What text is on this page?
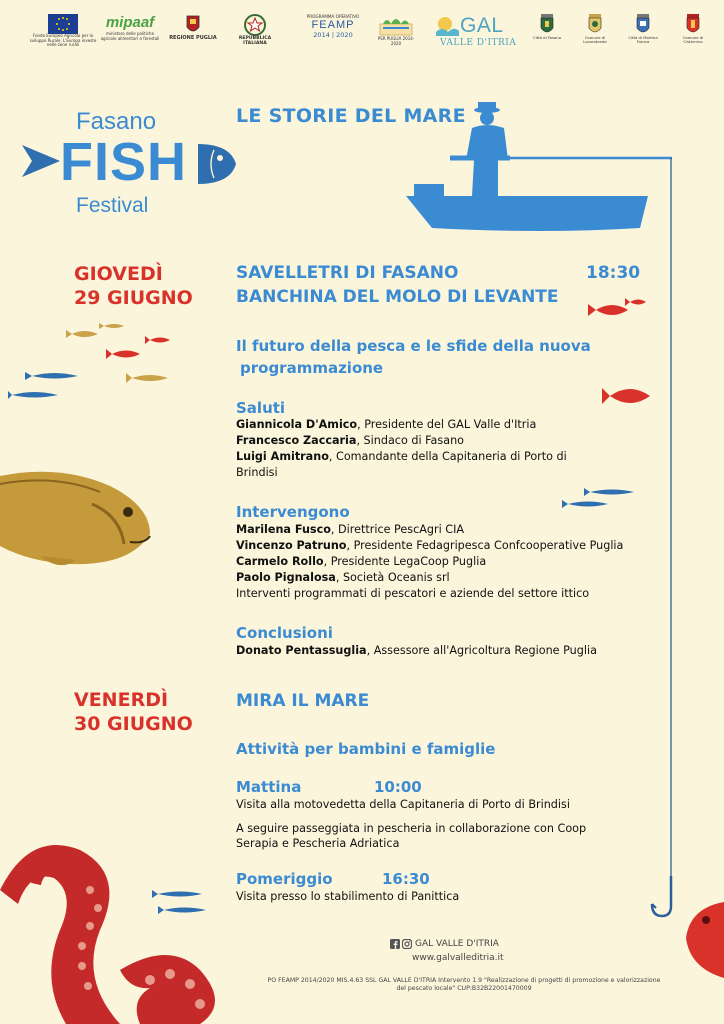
Fondo Europeo Agricolo per lo sviluppo Rurale. L'Europa investe nelle zone rurali
mipaaf
ministero delle politiche agricole alimentari e forestali REGIONE PUGLIA	REPUBBLICA ITALIANA
PROGRAMMA OPERATIVO
FEAMP
2014 | 2020	PSR PUGLIA 2014-2020
GAL
VALLE D'ITRIA
Città di Fasano	Comune di Locorotondo
Città di Martina Franca
Comune di Cisternino
Fasano
FISH
Festival
LE STORIE DEL MARE
GIOVEDÌ
29 GIUGNO
SAVELLETRI DI FASANO	18:30
BANCHINA DEL MOLO DI LEVANTE
Il futuro della pesca e le sfide della nuova
programmazione
Saluti
Giannicola D'Amico, Presidente del GAL Valle d'Itria
Francesco Zaccaria, Sindaco di Fasano
Luigi Amitrano, Comandante della Capitaneria di Porto di
Brindisi
Intervengono
Marilena Fusco, Direttrice PescAgri CIA
Vincenzo Patruno, Presidente Fedagripesca Confcooperative Puglia
Carmelo Rollo, Presidente LegaCoop Puglia
Paolo Pignalosa, Società Oceanis srl
Interventi programmati di pescatori e aziende del settore ittico
Conclusioni
Donato Pentassuglia, Assessore all'Agricoltura Regione Puglia
VENERDÌ
30 GIUGNO
MIRA IL MARE
Attività per bambini e famiglie
Mattina	10:00
Visita alla motovedetta della Capitaneria di Porto di Brindisi
A seguire passeggiata in pescheria in collaborazione con Coop
Serapia e Pescheria Adriatica
Pomeriggio	16:30
Visita presso lo stabilimento di Panittica
GAL VALLE D'ITRIA
www.galvalleditria.it
PO FEAMP 2014/2020 MIS.4.63 SSL GAL VALLE D'ITRIA Intervento 1.9 "Realizzazione di progetti di promozione e valorizzazione
del pescato locale" CUP:B32B22001470009
